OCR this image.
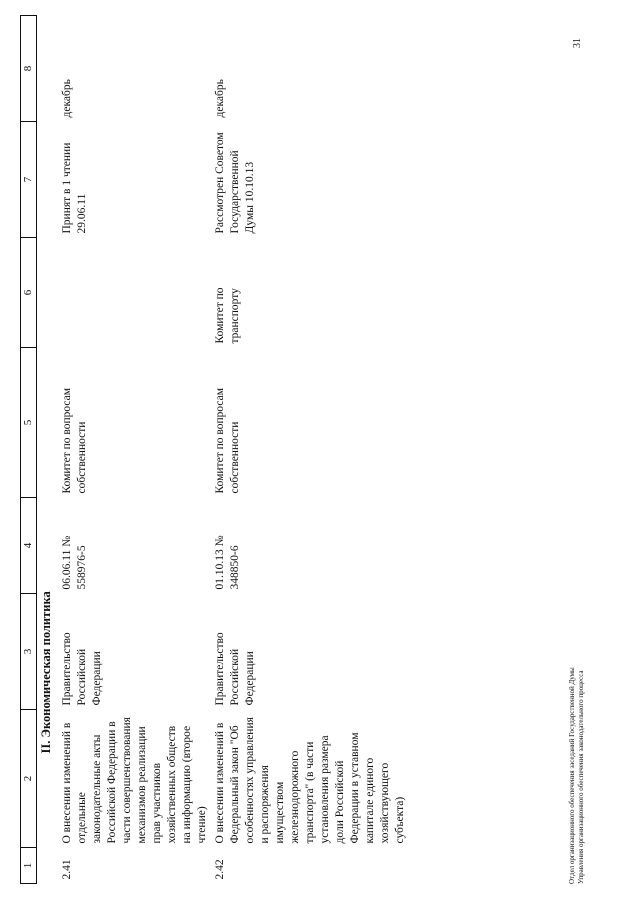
1	2	3	4	5	6	7	8
II. Экономическая политика							
2.41	О внесении изменений в отдельные законодательные акты Российской Федерации в части совершенствования механизмов реализации прав участников хозяйственных обществ на информацию (второе чтение)	Правительство Российской Федерации	06.06.11 № 558976-5	Комитет по вопросам собственности		Принят в 1 чтении 29.06.11	декабрь
2.42	О внесении изменений в Федеральный закон "Об особенностях управления и распоряжения имуществом железнодорожного транспорта" (в части установления размера доли Российской Федерации в уставном капитале единого хозяйствующего субъекта)	Правительство Российской Федерации	01.10.13 № 348850-6	Комитет по вопросам собственности	Комитет по транспорту	Рассмотрен Советом Государственной Думы 10.10.13	декабрь
Отдел организационного обеспечения заседаний Государственной Думы Управления организационного обеспечения законодательного процесса
31
